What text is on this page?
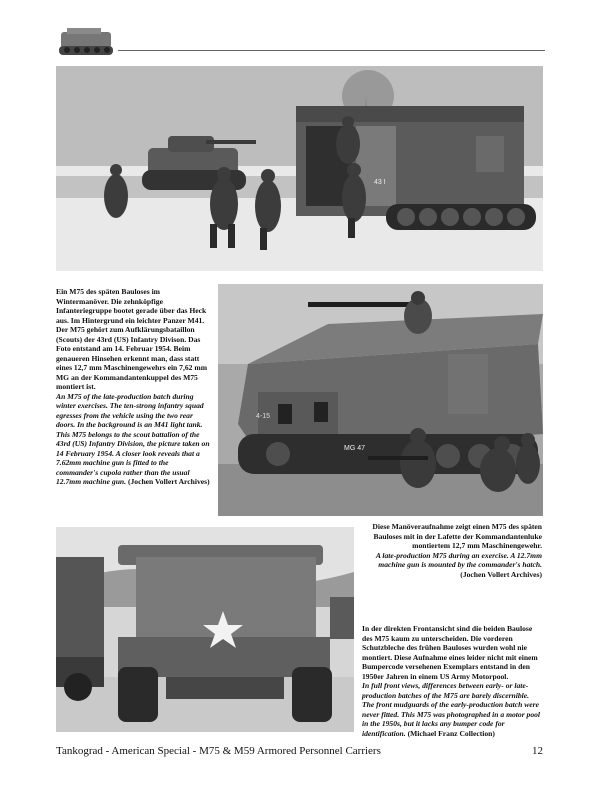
43 I

Ein M75 des späten Bauloses im Wintermanöver. Die zehnköpfige Infanteriegruppe bootet gerade über das Heck aus. Im Hintergrund ein leichter Panzer M41. Der M75 gehört zum Aufklärungsbataillon (Scouts) der 43rd (US) Infantry Divison. Das Foto entstand am 14. Februar 1954. Beim genaueren Hinsehen erkennt man, dass statt eines 12,7 mm Maschinengewehrs ein 7,62 mm MG an der Kommandantenkuppel des M75 montiert ist.

An M75 of the late-production batch during winter exercises. The ten-strong infantry squad egresses from the vehicle using the two rear doors. In the background is an M41 light tank. This M75 belongs to the scout battalion of the 43rd (US) Infantry Division, the picture taken on 14 February 1954. A closer look reveals that a 7.62mm machine gun is fitted to the commander's cupola rather than the usual 12.7mm machine gun. (Jochen Vollert Archives)

4-15
MG 47

Diese Manöveraufnahme zeigt einen M75 des späten Bauloses mit in der Lafette der Kommandantenluke montiertem 12,7 mm Maschinengewehr.

A late-production M75 during an exercise. A 12.7mm machine gun is mounted by the commander's hatch. (Jochen Vollert Archives)

In der direkten Frontansicht sind die beiden Baulose des M75 kaum zu unterscheiden. Die vorderen Schutzbleche des frühen Bauloses wurden wohl nie montiert. Diese Aufnahme eines leider nicht mit einem Bumpercode versehenen Exemplars entstand in den 1950er Jahren in einem US Army Motorpool.

In full front views, differences between early- or late-production batches of the M75 are barely discernible. The front mudguards of the early-production batch were never fitted. This M75 was photographed in a motor pool in the 1950s, but it lacks any bumper code for identification. (Michael Franz Collection)

Tankograd - American Special - M75 & M59 Armored Personnel Carriers	12
